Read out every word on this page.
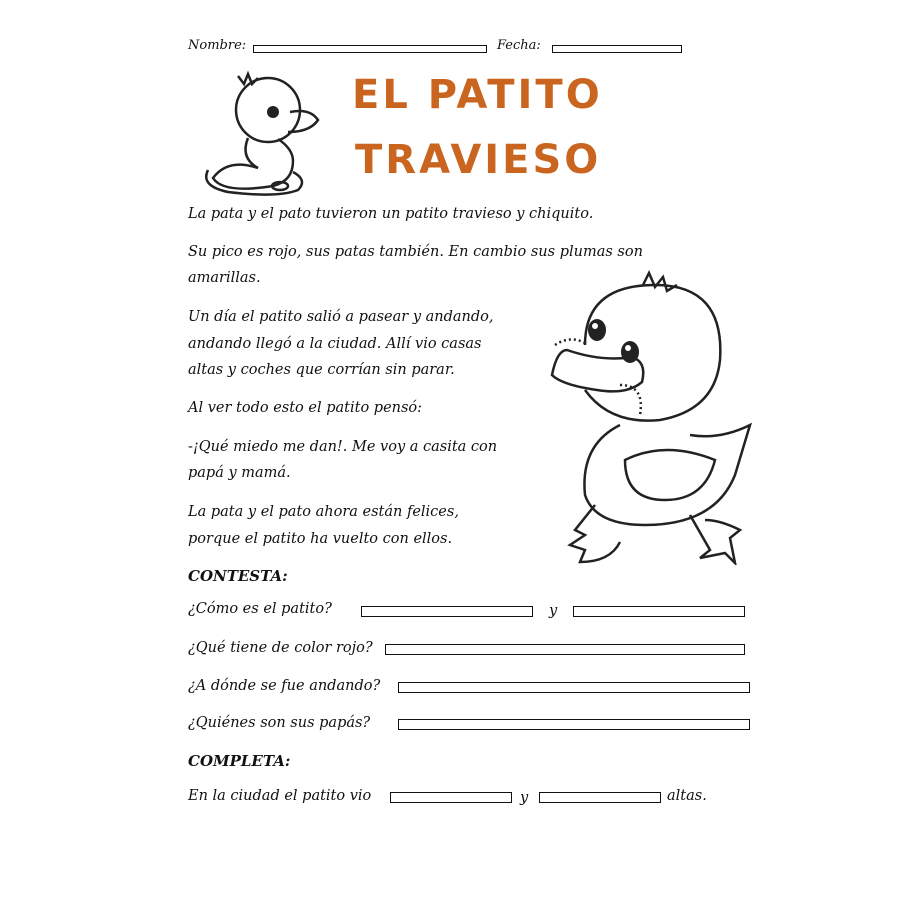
Nombre:	Fecha:
EL PATITO
TRAVIESO
La pata y el pato tuvieron un patito travieso y chiquito.
Su pico es rojo, sus patas también. En cambio sus plumas son
amarillas.
Un día el patito salió a pasear y andando,
andando llegó a la ciudad. Allí vio casas
altas y coches que corrían sin parar.
Al ver todo esto el patito pensó:
-¡Qué miedo me dan!. Me voy a casita con
papá y mamá.
La pata y el pato ahora están felices,
porque el patito ha vuelto con ellos.
CONTESTA:
¿Cómo es el patito?	y
¿Qué tiene de color rojo?
¿A dónde se fue andando?
¿Quiénes son sus papás?
COMPLETA:
En la ciudad el patito vio	y	altas.
